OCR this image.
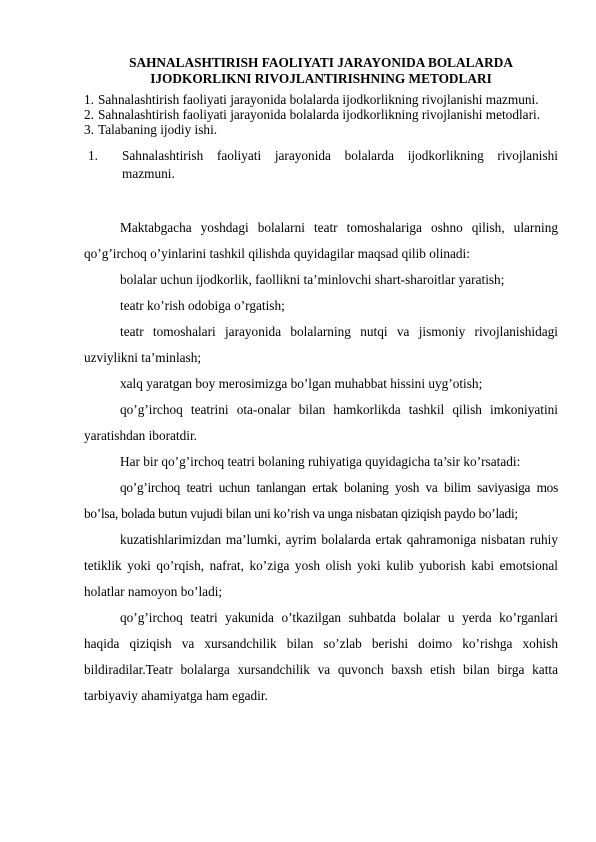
SAHNALASHTIRISH FAOLIYATI JARAYONIDA BOLALARDA
IJODKORLIKNI RIVOJLANTIRISHNING METODLARI
1. Sahnalashtirish faoliyati jarayonida bolalarda ijodkorlikning rivojlanishi mazmuni.
2. Sahnalashtirish faoliyati jarayonida bolalarda ijodkorlikning rivojlanishi metodlari.
3. Talabaning ijodiy ishi.
1.	Sahnalashtirish faoliyati jarayonida bolalarda ijodkorlikning rivojlanishi mazmuni.

Maktabgacha yoshdagi bolalarni teatr tomoshalariga oshno qilish, ularning qo’g’irchoq o’yinlarini tashkil qilishda quyidagilar maqsad qilib olinadi:

bolalar uchun ijodkorlik, faollikni ta’minlovchi shart-sharoitlar yaratish;

teatr ko’rish odobiga o’rgatish;

teatr tomoshalari jarayonida bolalarning nutqi va jismoniy rivojlanishidagi uzviylikni ta’minlash;

xalq yaratgan boy merosimizga bo’lgan muhabbat hissini uyg’otish;

qo’g’irchoq teatrini ota-onalar bilan hamkorlikda tashkil qilish imkoniyatini yaratishdan iboratdir.

Har bir qo’g’irchoq teatri bolaning ruhiyatiga quyidagicha ta’sir ko’rsatadi:

qo’g’irchoq teatri uchun tanlangan ertak bolaning yosh va bilim saviyasiga mos bo’lsa, bolada butun vujudi bilan uni ko’rish va unga nisbatan qiziqish paydo bo’ladi;

kuzatishlarimizdan ma’lumki, ayrim bolalarda ertak qahramoniga nisbatan ruhiy tetiklik yoki qo’rqish, nafrat, ko’ziga yosh olish yoki kulib yuborish kabi emotsional holatlar namoyon bo’ladi;

qo’g’irchoq teatri yakunida o’tkazilgan suhbatda bolalar u yerda ko’rganlari haqida qiziqish va xursandchilik bilan so’zlab berishi doimo ko’rishga xohish bildiradilar.Teatr bolalarga xursandchilik va quvonch baxsh etish bilan birga katta tarbiyaviy ahamiyatga ham egadir.
